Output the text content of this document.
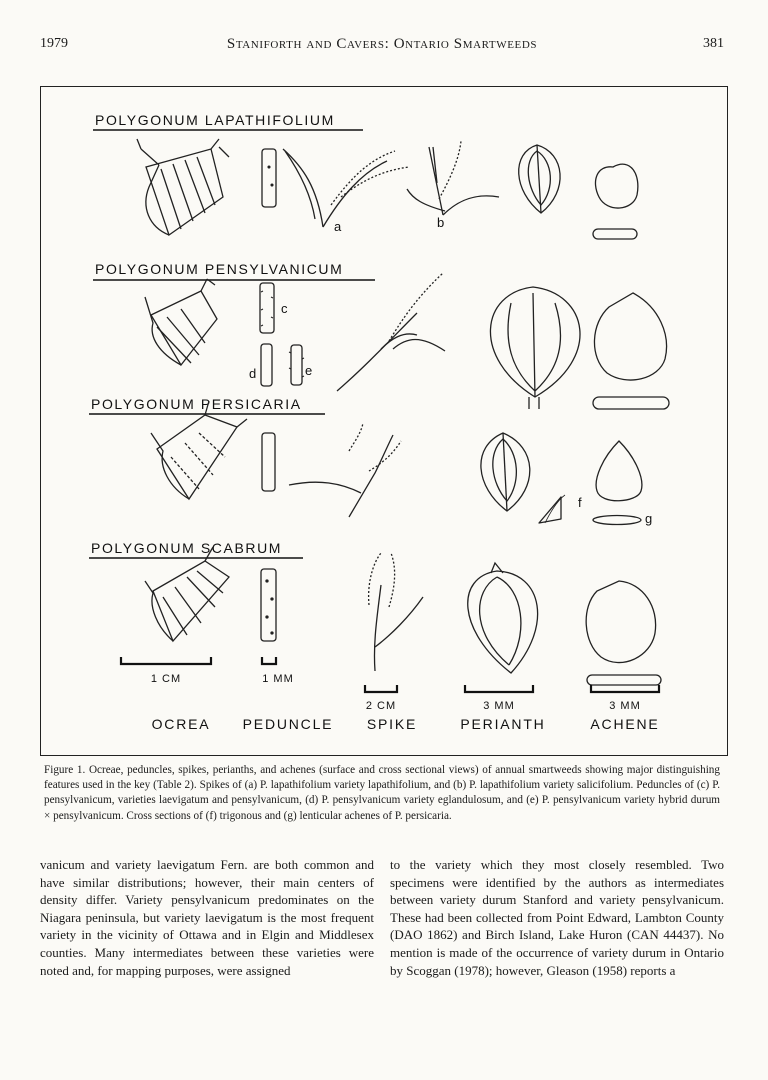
1979	Staniforth and Cavers: Ontario Smartweeds	381
POLYGONUM LAPATHIFOLIUM
POLYGONUM PENSYLVANICUM
POLYGONUM PERSICARIA
POLYGONUM SCABRUM
a	b
c
d	e
f
g
1 CM	1 MM
2 CM	3 MM	3 MM
OCREA PEDUNCLE SPIKE	PERIANTH	ACHENE

Figure 1. Ocreae, peduncles, spikes, perianths, and achenes (surface and cross sectional views) of annual smartweeds showing major distinguishing features used in the key (Table 2). Spikes of (a) P. lapathifolium variety lapathifolium, and (b) P. lapathifolium variety salicifolium. Peduncles of (c) P. pensylvanicum, varieties laevigatum and pensylvanicum, (d) P. pensylvanicum variety eglandulosum, and (e) P. pensylvanicum variety hybrid durum × pensylvanicum. Cross sections of (f) trigonous and (g) lenticular achenes of P. persicaria.

vanicum and variety laevigatum Fern. are both common and have similar distributions; however, their main centers of density differ. Variety pensylvanicum predominates on the Niagara peninsula, but variety laevigatum is the most frequent variety in the vicinity of Ottawa and in Elgin and Middlesex counties. Many intermediates between these varieties were noted and, for mapping purposes, were assigned

to the variety which they most closely resembled. Two specimens were identified by the authors as intermediates between variety durum Stanford and variety pensylvanicum. These had been collected from Point Edward, Lambton County (DAO 1862) and Birch Island, Lake Huron (CAN 44437). No mention is made of the occurrence of variety durum in Ontario by Scoggan (1978); however, Gleason (1958) reports a
